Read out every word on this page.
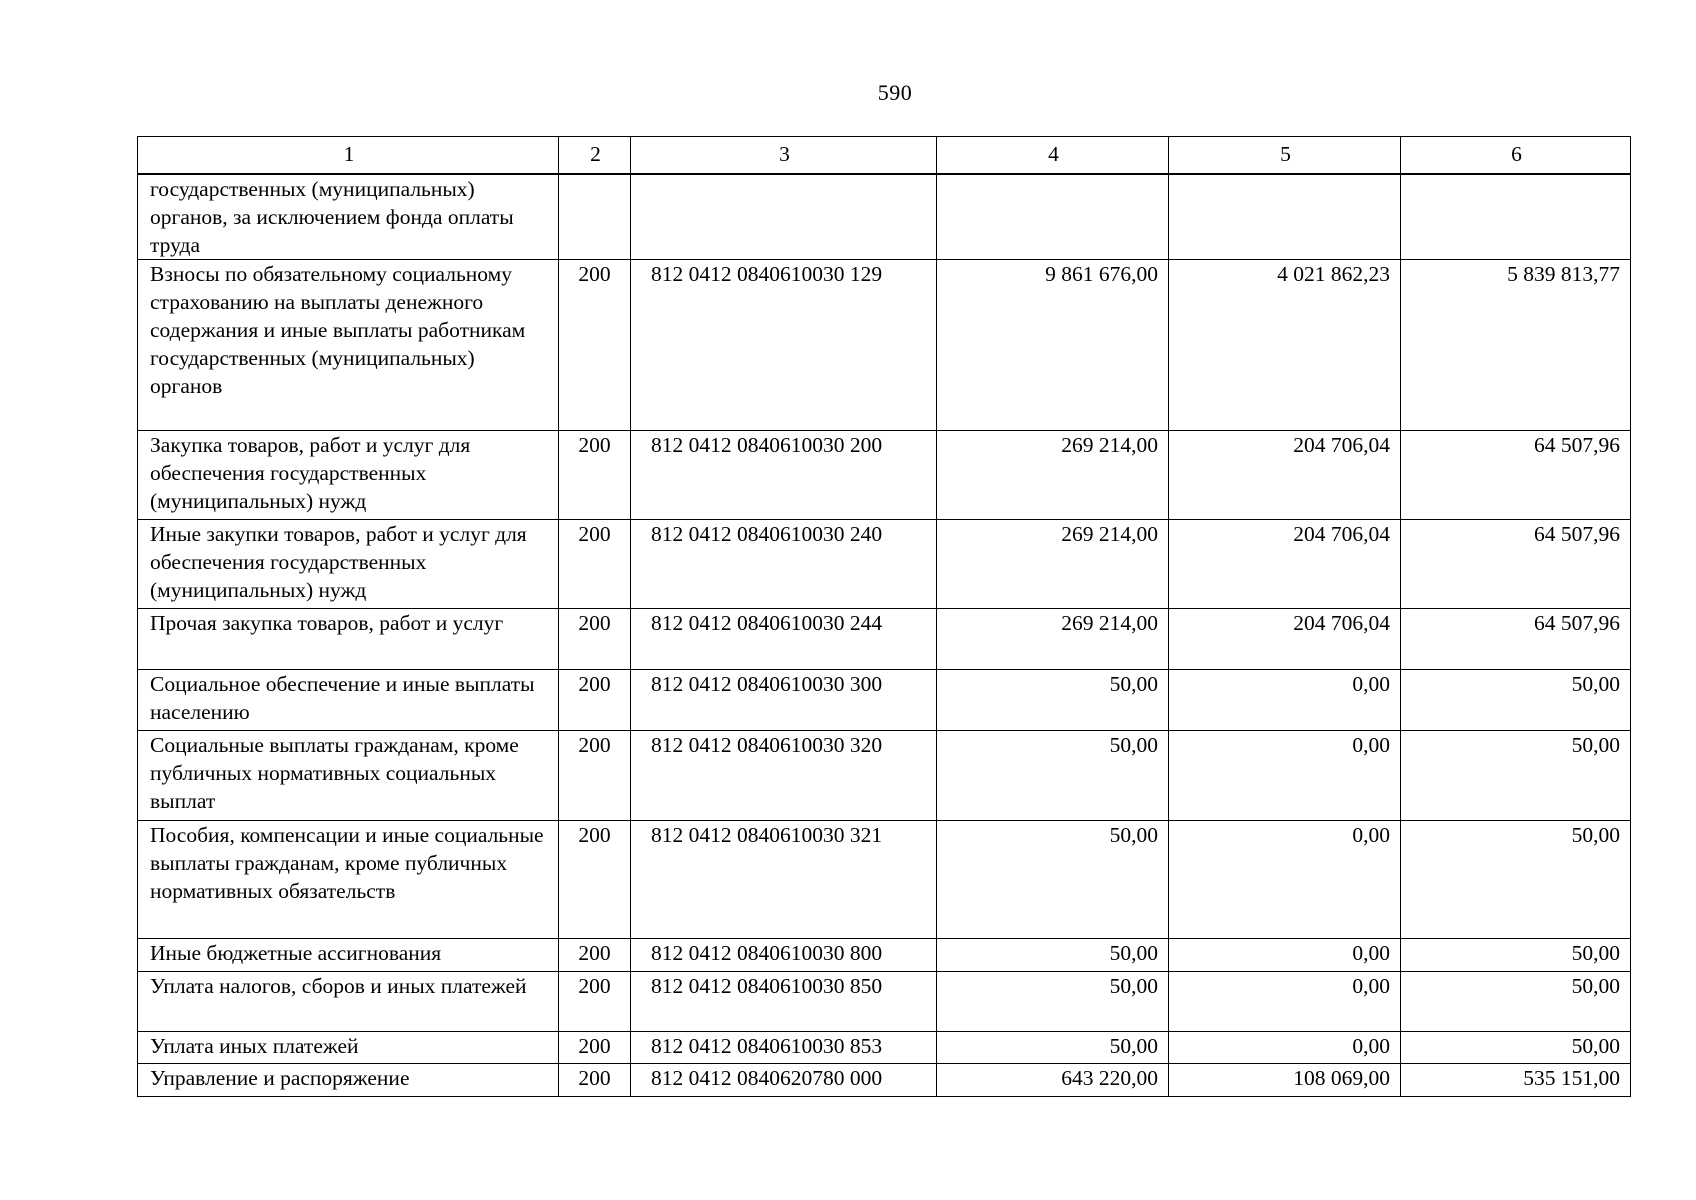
590
1	2	3	4	5	6
государственных (муниципальных) органов, за исключением фонда оплаты труда					
Взносы по обязательному социальному страхованию на выплаты денежного содержания и иные выплаты работникам государственных (муниципальных) органов	200	812 0412 0840610030 129	9 861 676,00	4 021 862,23	5 839 813,77
Закупка товаров, работ и услуг для обеспечения государственных (муниципальных) нужд	200	812 0412 0840610030 200	269 214,00	204 706,04	64 507,96
Иные закупки товаров, работ и услуг для обеспечения государственных (муниципальных) нужд	200	812 0412 0840610030 240	269 214,00	204 706,04	64 507,96
Прочая закупка товаров, работ и услуг	200	812 0412 0840610030 244	269 214,00	204 706,04	64 507,96
Социальное обеспечение и иные выплаты населению	200	812 0412 0840610030 300	50,00	0,00	50,00
Социальные выплаты гражданам, кроме публичных нормативных социальных выплат	200	812 0412 0840610030 320	50,00	0,00	50,00
Пособия, компенсации и иные социальные выплаты гражданам, кроме публичных нормативных обязательств	200	812 0412 0840610030 321	50,00	0,00	50,00
Иные бюджетные ассигнования	200	812 0412 0840610030 800	50,00	0,00	50,00
Уплата налогов, сборов и иных платежей	200	812 0412 0840610030 850	50,00	0,00	50,00
Уплата иных платежей	200	812 0412 0840610030 853	50,00	0,00	50,00
Управление и распоряжение	200	812 0412 0840620780 000	643 220,00	108 069,00	535 151,00
